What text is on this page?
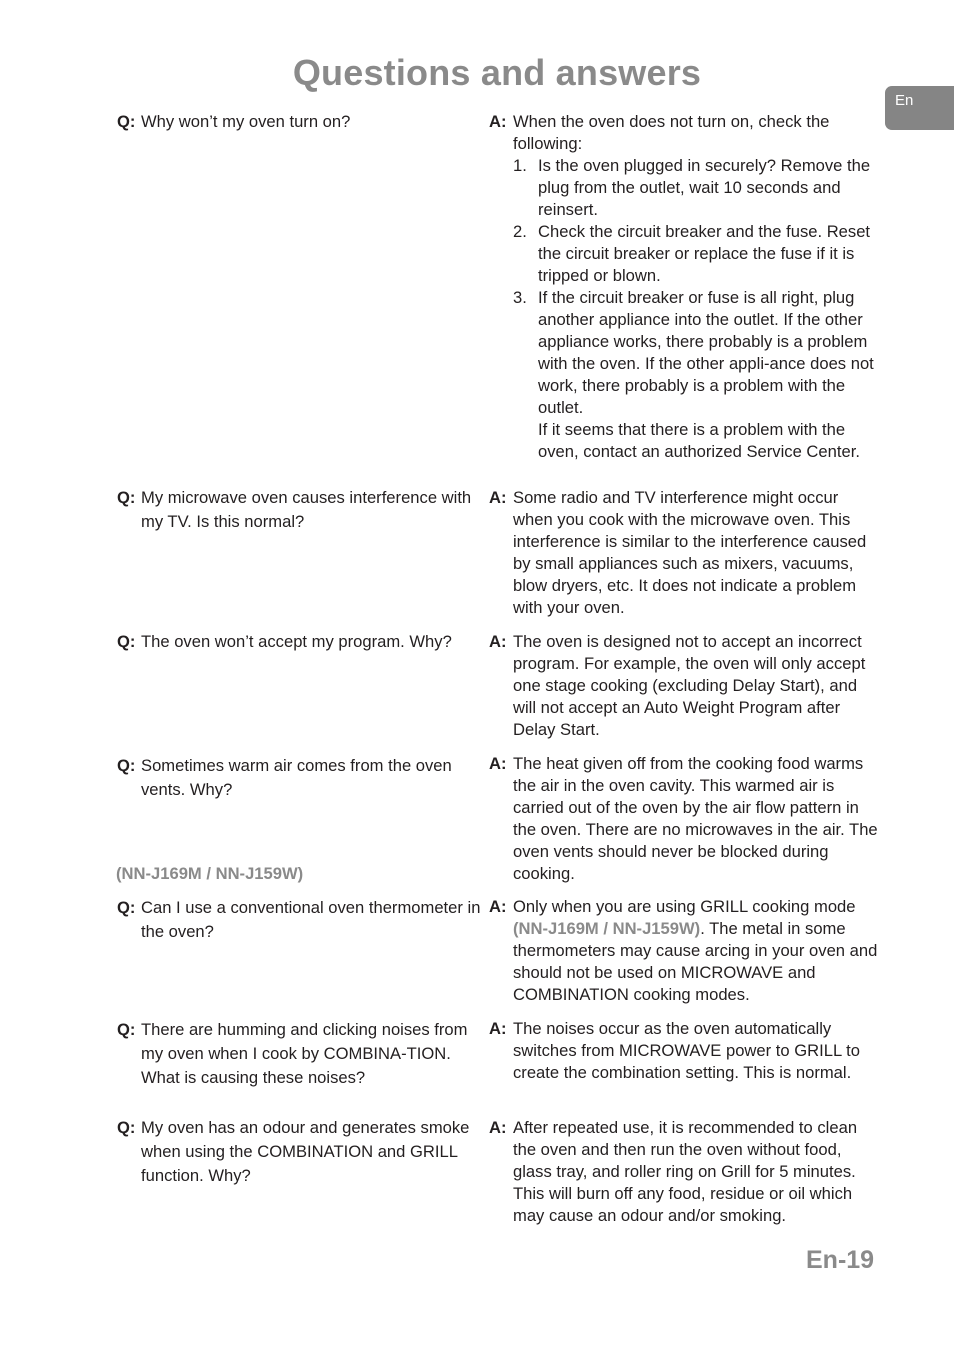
Questions and answers
En
Q: Why won’t my oven turn on?	A: When the oven does not turn on, check the following:
1. Is the oven plugged in securely? Remove the plug from the outlet, wait 10 seconds and reinsert.
2. Check the circuit breaker and the fuse. Reset the circuit breaker or replace the fuse if it is tripped or blown.
3. If the circuit breaker or fuse is all right, plug another appliance into the outlet. If the other appliance works, there probably is a problem with the oven. If the other appli-ance does not work, there probably is a problem with the outlet.
If it seems that there is a problem with the oven, contact an authorized Service Center.
Q: My microwave oven causes interference with my TV. Is this normal?
A: Some radio and TV interference might occur when you cook with the microwave oven. This interference is similar to the interference caused by small appliances such as mixers, vacuums, blow dryers, etc. It does not indicate a problem with your oven.
Q: The oven won’t accept my program. Why?	A: The oven is designed not to accept an incorrect program. For example, the oven will only accept one stage cooking (excluding Delay Start), and will not accept an Auto Weight Program after Delay Start.
Q: Sometimes warm air comes from the oven vents. Why?
A: The heat given off from the cooking food warms the air in the oven cavity. This warmed air is carried out of the oven by the air flow pattern in the oven. There are no microwaves in the air. The oven vents should never be blocked during cooking.
(NN-J169M / NN-J159W)
Q: Can I use a conventional oven thermometer in the oven?
A: Only when you are using GRILL cooking mode (NN-J169M / NN-J159W). The metal in some thermometers may cause arcing in your oven and should not be used on MICROWAVE and COMBINATION cooking modes.
Q: There are humming and clicking noises from my oven when I cook by COMBINA-TION. What is causing these noises?
A: The noises occur as the oven automatically switches from MICROWAVE power to GRILL to create the combination setting. This is normal.
Q: My oven has an odour and generates smoke when using the COMBINATION and GRILL function. Why?
A: After repeated use, it is recommended to clean the oven and then run the oven without food, glass tray, and roller ring on Grill for 5 minutes. This will burn off any food, residue or oil which may cause an odour and/or smoking.
En-19
